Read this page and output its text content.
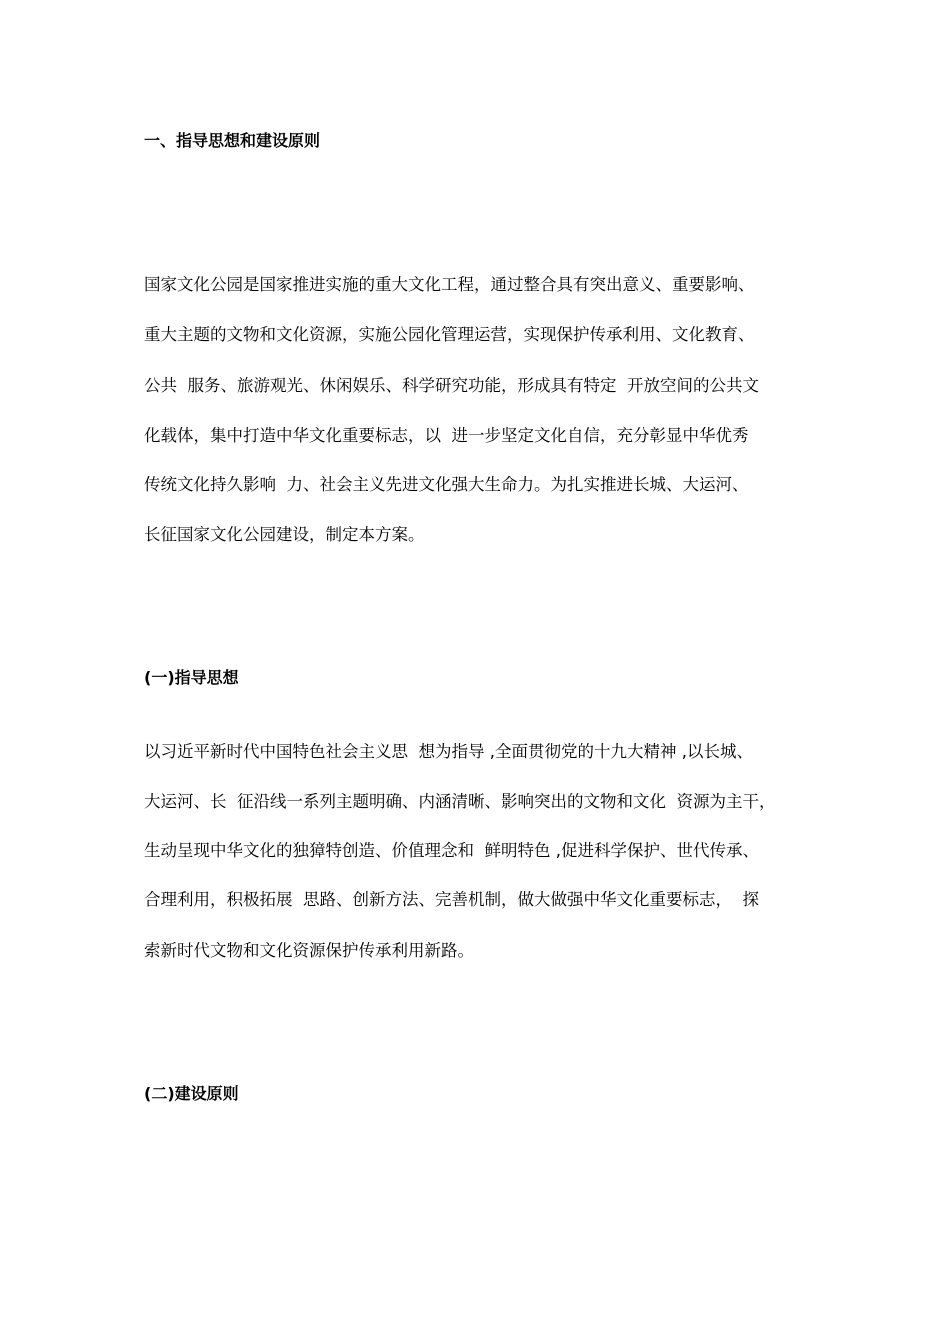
一、指导思想和建设原则

国家文化公园是国家推进实施的重大文化工程，通过整合具有突出意义、重要影响、

重大主题的文物和文化资源，实施公园化管理运营，实现保护传承利用、文化教育、

公共  服务、旅游观光、休闲娱乐、科学研究功能，形成具有特定  开放空间的公共文

化载体，集中打造中华文化重要标志，以  进一步坚定文化自信，充分彰显中华优秀

传统文化持久影响  力、社会主义先进文化强大生命力。为扎实推进长城、大运河、

长征国家文化公园建设，制定本方案。

(一)指导思想

以习近平新时代中国特色社会主义思  想为指导 ,全面贯彻党的十九大精神 ,以长城、

大运河、长  征沿线一系列主题明确、内涵清晰、影响突出的文物和文化  资源为主干，

生动呈现中华文化的独獐特创造、价值理念和  鲜明特色 ,促进科学保护、世代传承、

合理利用，积极拓展  思路、创新方法、完善机制，做大做强中华文化重要标志，  探

索新时代文物和文化资源保护传承利用新路。

(二)建设原则
